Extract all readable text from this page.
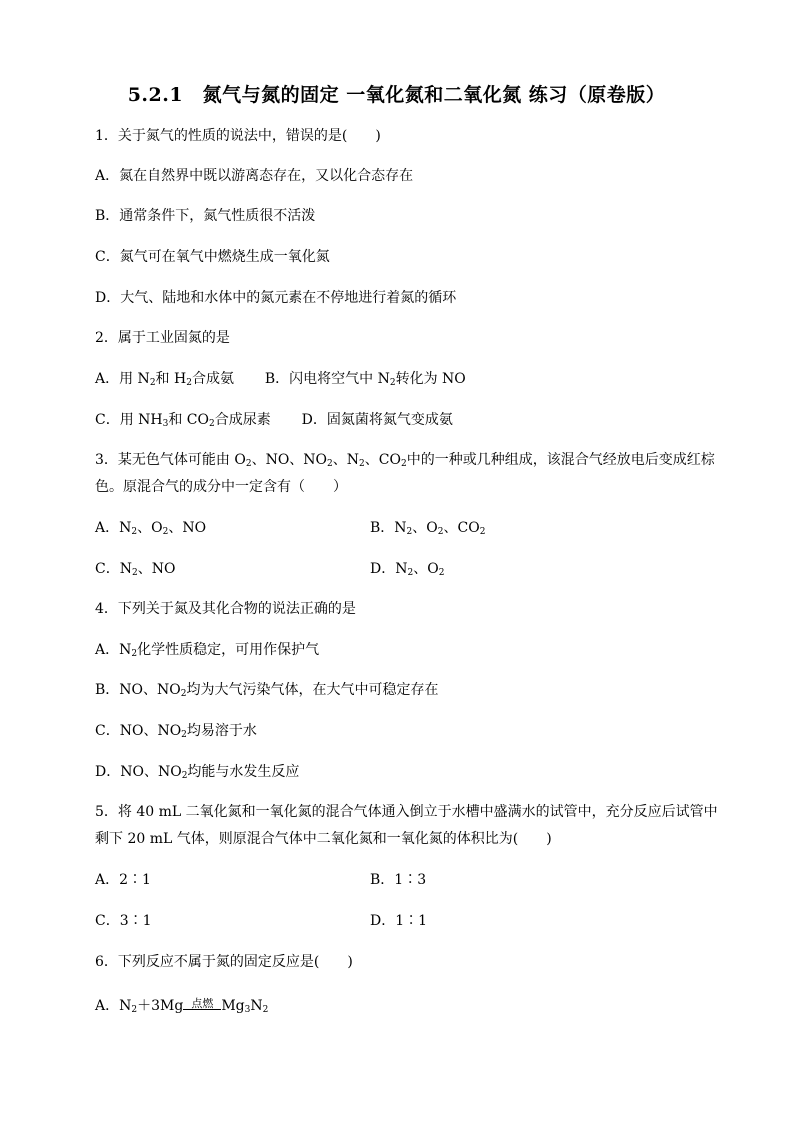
5.2.1　氮气与氮的固定 一氧化氮和二氧化氮 练习（原卷版）
1．关于氮气的性质的说法中，错误的是(　　)
A．氮在自然界中既以游离态存在，又以化合态存在
B．通常条件下，氮气性质很不活泼
C．氮气可在氧气中燃烧生成一氧化氮
D．大气、陆地和水体中的氮元素在不停地进行着氮的循环
2．属于工业固氮的是
A．用 $N_2$和 $H_2$合成氨 B．闪电将空气中 $N_2$转化为 NO
C．用 $NH_3$和 $CO_2$合成尿素 D．固氮菌将氮气变成氨
3．某无色气体可能由 $O_2$、NO、$NO_2$、$N_2$、$CO_2$中的一种或几种组成，该混合气经放电后变成红棕
色。原混合气的成分中一定含有（　　）
A．$N_2$、$O_2$、NO	B．$N_2$、$O_2$、$CO_2$
C．$N_2$、NO	D．$N_2$、$O_2$
4．下列关于氮及其化合物的说法正确的是
A．$N_2$化学性质稳定，可用作保护气
B．NO、$NO_2$均为大气污染气体，在大气中可稳定存在
C．NO、$NO_2$均易溶于水
D．NO、$NO_2$均能与水发生反应
5．将 40 mL 二氧化氮和一氧化氮的混合气体通入倒立于水槽中盛满水的试管中，充分反应后试管中
剩下 20 mL 气体，则原混合气体中二氧化氮和一氧化氮的体积比为(　　)
A．2∶1	B．1∶3
C．3∶1	D．1∶1
6．下列反应不属于氮的固定反应是(　　)
A．$N_2+3Mg$ 点燃 $Mg_3N_2$
